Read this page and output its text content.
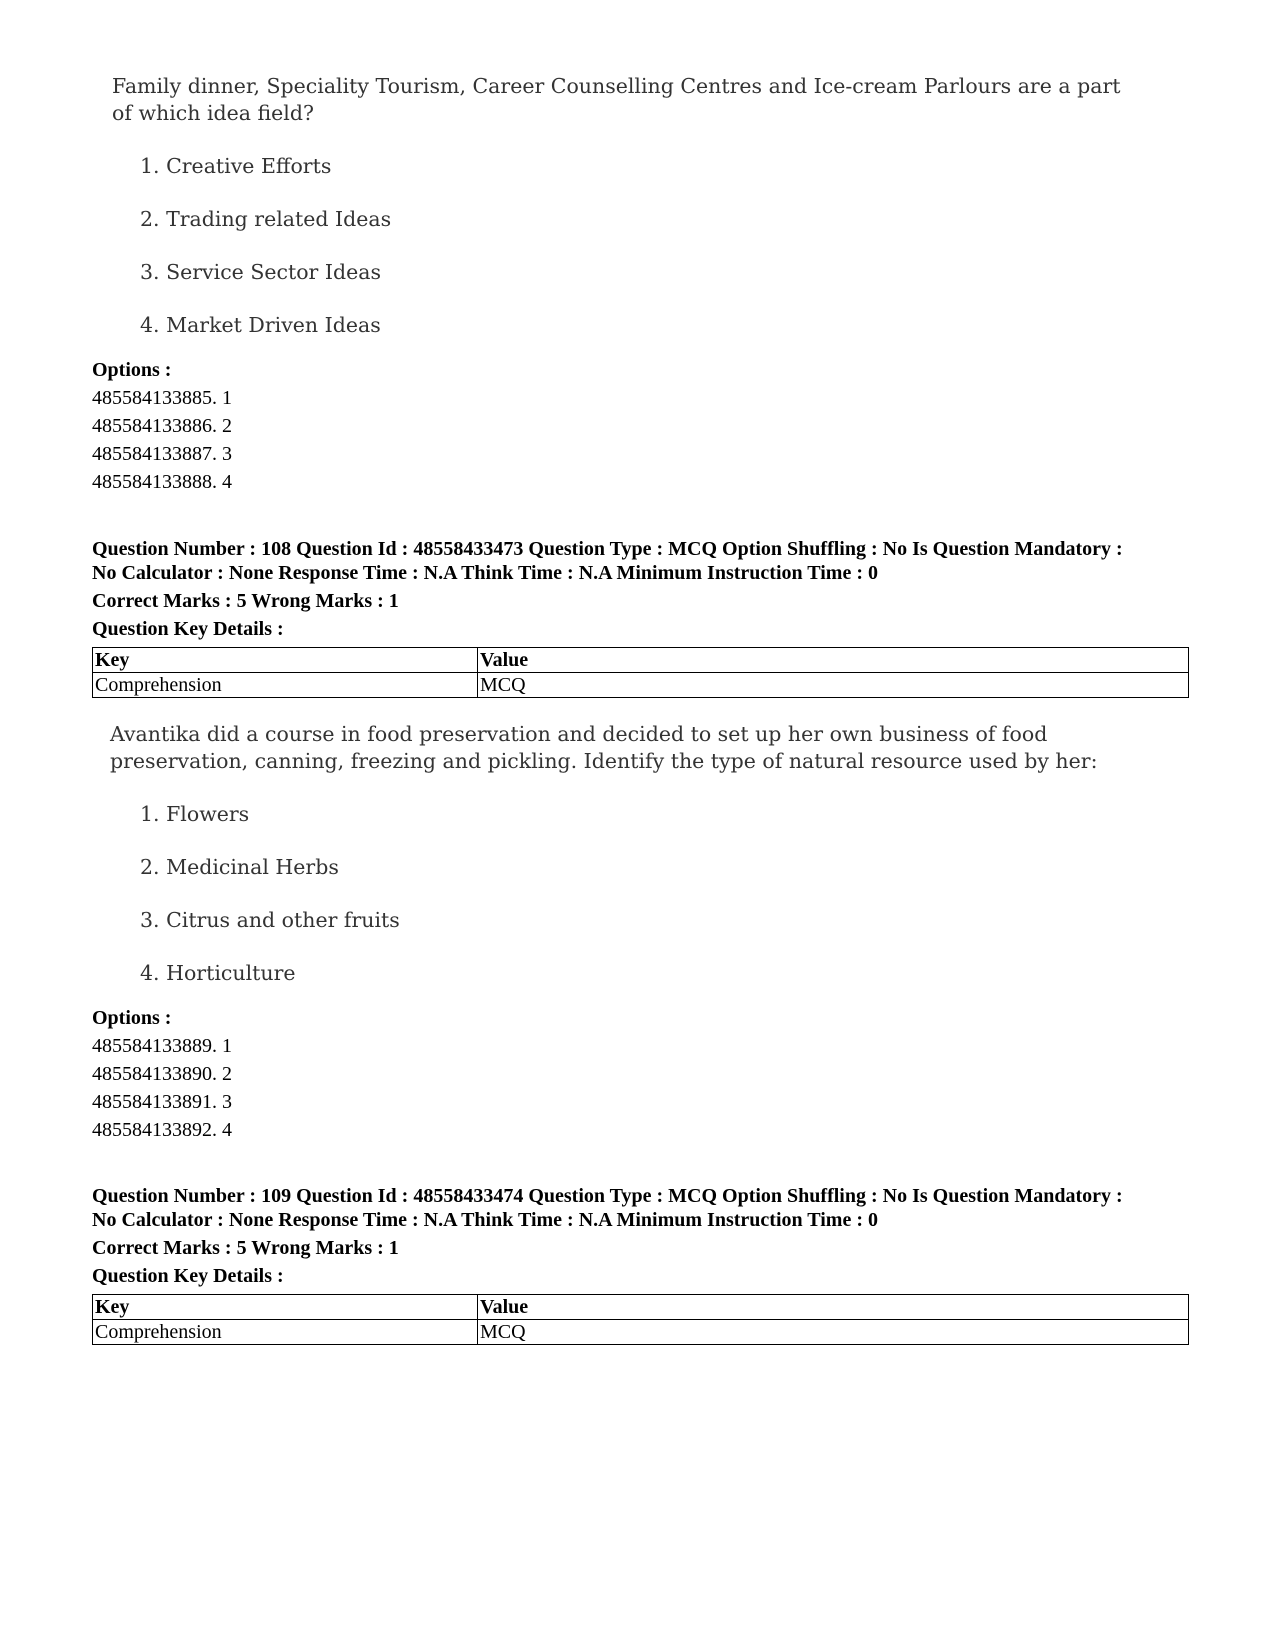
Family dinner, Speciality Tourism, Career Counselling Centres and Ice-cream Parlours are a part of which idea field?
1. Creative Efforts
2. Trading related Ideas
3. Service Sector Ideas
4. Market Driven Ideas
Options :
485584133885. 1
485584133886. 2
485584133887. 3
485584133888. 4
Question Number : 108 Question Id : 48558433473 Question Type : MCQ Option Shuffling : No Is Question Mandatory :
No Calculator : None Response Time : N.A Think Time : N.A Minimum Instruction Time : 0
Correct Marks : 5 Wrong Marks : 1
Question Key Details :
Key	Value
Comprehension	MCQ
Avantika did a course in food preservation and decided to set up her own business of food preservation, canning, freezing and pickling. Identify the type of natural resource used by her:
1. Flowers
2. Medicinal Herbs
3. Citrus and other fruits
4. Horticulture
Options :
485584133889. 1
485584133890. 2
485584133891. 3
485584133892. 4
Question Number : 109 Question Id : 48558433474 Question Type : MCQ Option Shuffling : No Is Question Mandatory :
No Calculator : None Response Time : N.A Think Time : N.A Minimum Instruction Time : 0
Correct Marks : 5 Wrong Marks : 1
Question Key Details :
Key	Value
Comprehension	MCQ
